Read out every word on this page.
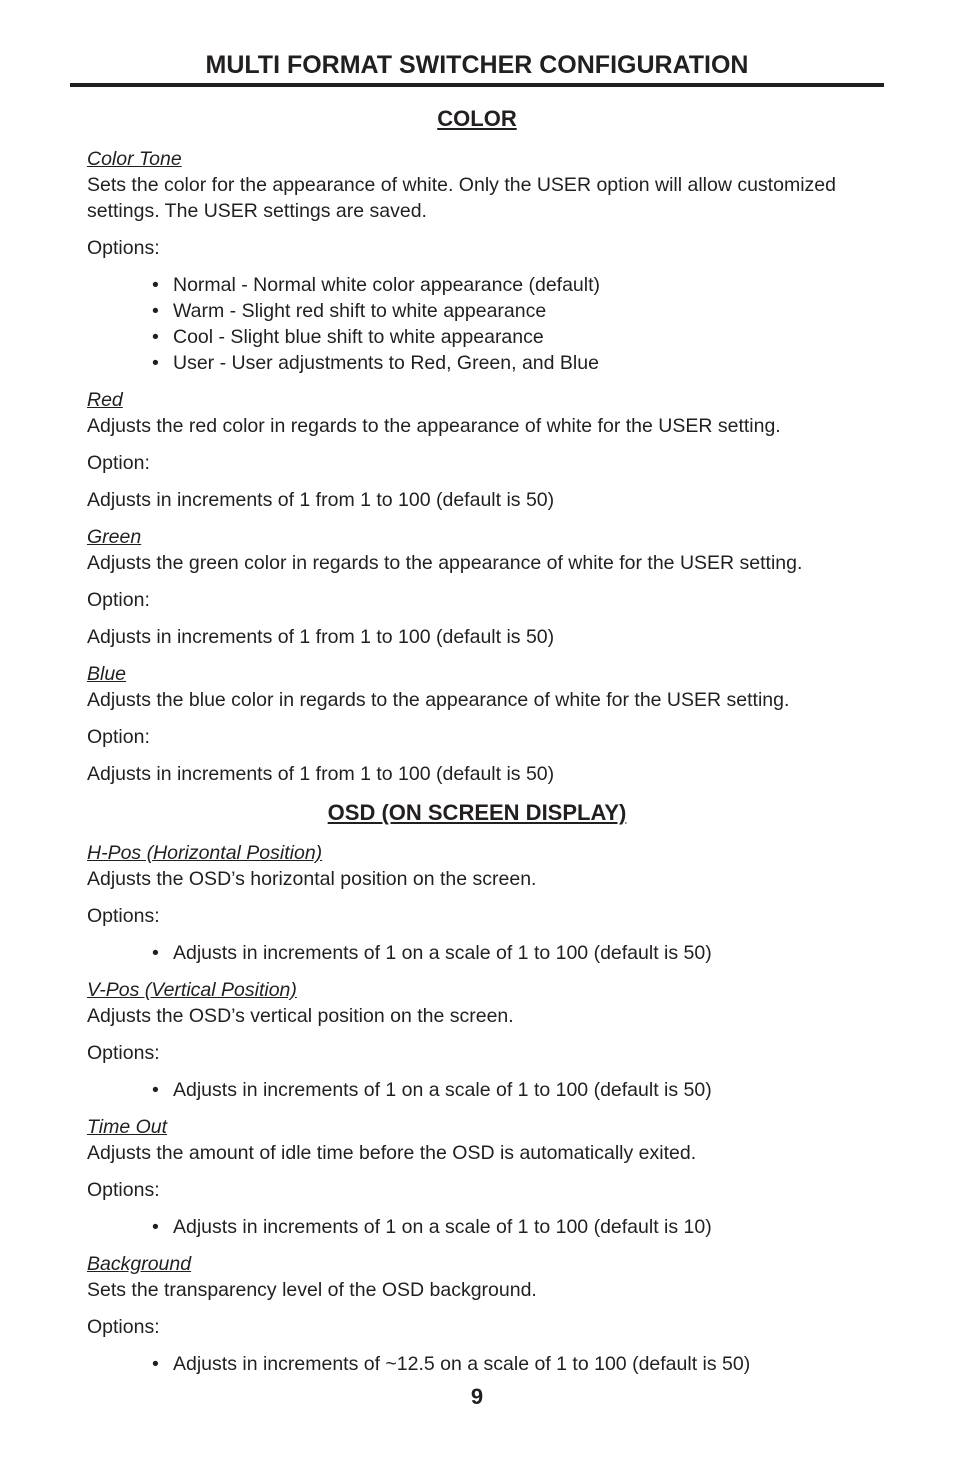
MULTI FORMAT SWITCHER CONFIGURATION
COLOR
Color Tone
Sets the color for the appearance of white. Only the USER option will allow customized settings. The USER settings are saved.
Options:
• Normal - Normal white color appearance (default)
• Warm - Slight red shift to white appearance
• Cool - Slight blue shift to white appearance
• User - User adjustments to Red, Green, and Blue
Red
Adjusts the red color in regards to the appearance of white for the USER setting.
Option:
Adjusts in increments of 1 from 1 to 100 (default is 50)
Green
Adjusts the green color in regards to the appearance of white for the USER setting.
Option:
Adjusts in increments of 1 from 1 to 100 (default is 50)
Blue
Adjusts the blue color in regards to the appearance of white for the USER setting.
Option:
Adjusts in increments of 1 from 1 to 100 (default is 50)
OSD (ON SCREEN DISPLAY)
H-Pos (Horizontal Position)
Adjusts the OSD’s horizontal position on the screen.
Options:
• Adjusts in increments of 1 on a scale of 1 to 100 (default is 50)
V-Pos (Vertical Position)
Adjusts the OSD’s vertical position on the screen.
Options:
• Adjusts in increments of 1 on a scale of 1 to 100 (default is 50)
Time Out
Adjusts the amount of idle time before the OSD is automatically exited.
Options:
• Adjusts in increments of 1 on a scale of 1 to 100 (default is 10)
Background
Sets the transparency level of the OSD background.
Options:
• Adjusts in increments of ~12.5 on a scale of 1 to 100 (default is 50)
9
